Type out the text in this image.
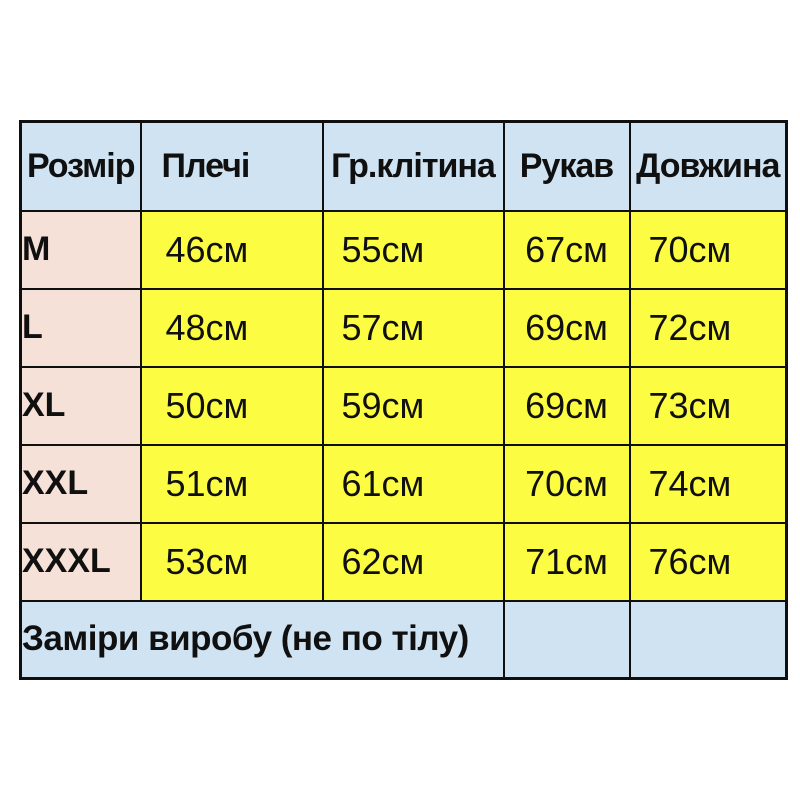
Розмір	Плечі	Гр.клітина	Рукав	Довжина
M	46см	55см	67см	70см
L	48см	57см	69см	72см
XL	50см	59см	69см	73см
XXL	51см	61см	70см	74см
XXXL	53см	62см	71см	76см
Заміри виробу (не по тілу)				
